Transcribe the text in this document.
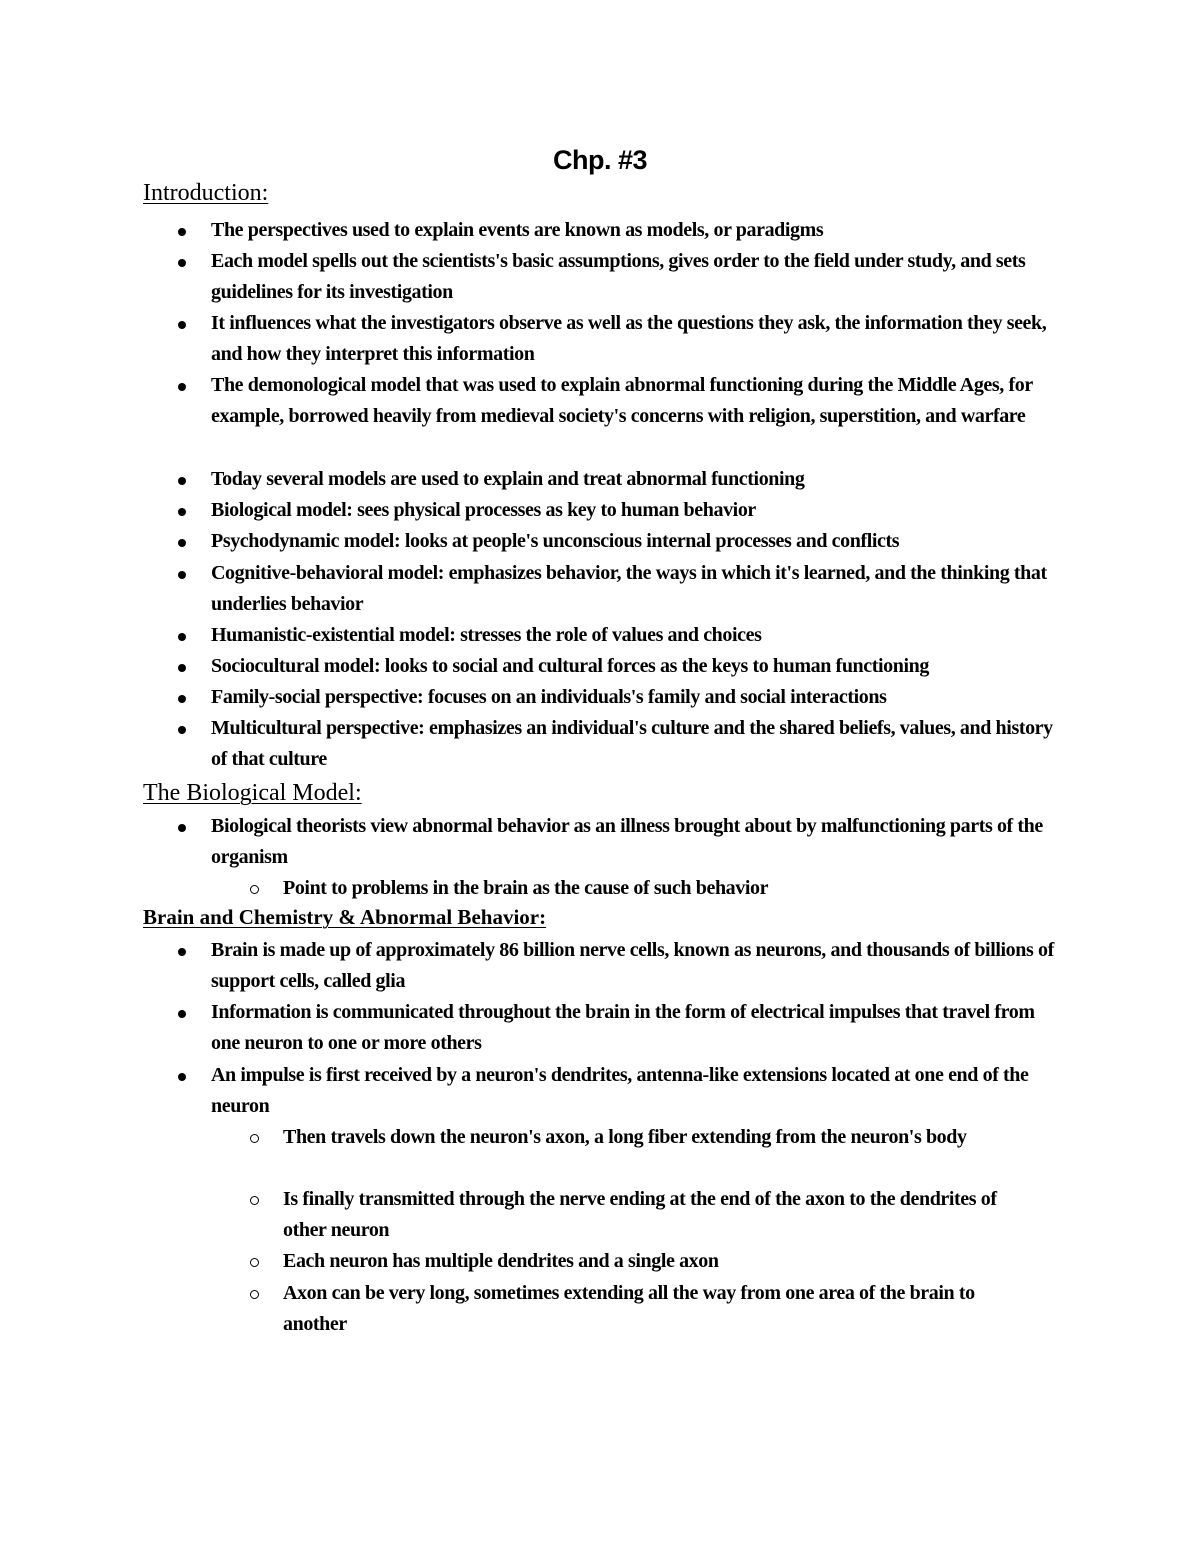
Chp. #3
Introduction:
The perspectives used to explain events are known as models, or paradigms
Each model spells out the scientists's basic assumptions, gives order to the field under study, and sets guidelines for its investigation
It influences what the investigators observe as well as the questions they ask, the information they seek, and how they interpret this information
The demonological model that was used to explain abnormal functioning during the Middle Ages, for example, borrowed heavily from medieval society's concerns with religion, superstition, and warfare
Today several models are used to explain and treat abnormal functioning
Biological model: sees physical processes as key to human behavior
Psychodynamic model: looks at people's unconscious internal processes and conflicts
Cognitive-behavioral model: emphasizes behavior, the ways in which it's learned, and the thinking that underlies behavior
Humanistic-existential model: stresses the role of values and choices
Sociocultural model: looks to social and cultural forces as the keys to human functioning
Family-social perspective: focuses on an individuals's family and social interactions
Multicultural perspective: emphasizes an individual's culture and the shared beliefs, values, and history of that culture
The Biological Model:
Biological theorists view abnormal behavior as an illness brought about by malfunctioning parts of the organism
Point to problems in the brain as the cause of such behavior
Brain and Chemistry & Abnormal Behavior:
Brain is made up of approximately 86 billion nerve cells, known as neurons, and thousands of billions of support cells, called glia
Information is communicated throughout the brain in the form of electrical impulses that travel from one neuron to one or more others
An impulse is first received by a neuron's dendrites, antenna-like extensions located at one end of the neuron
Then travels down the neuron's axon, a long fiber extending from the neuron's body
Is finally transmitted through the nerve ending at the end of the axon to the dendrites of other neuron
Each neuron has multiple dendrites and a single axon
Axon can be very long, sometimes extending all the way from one area of the brain to another
